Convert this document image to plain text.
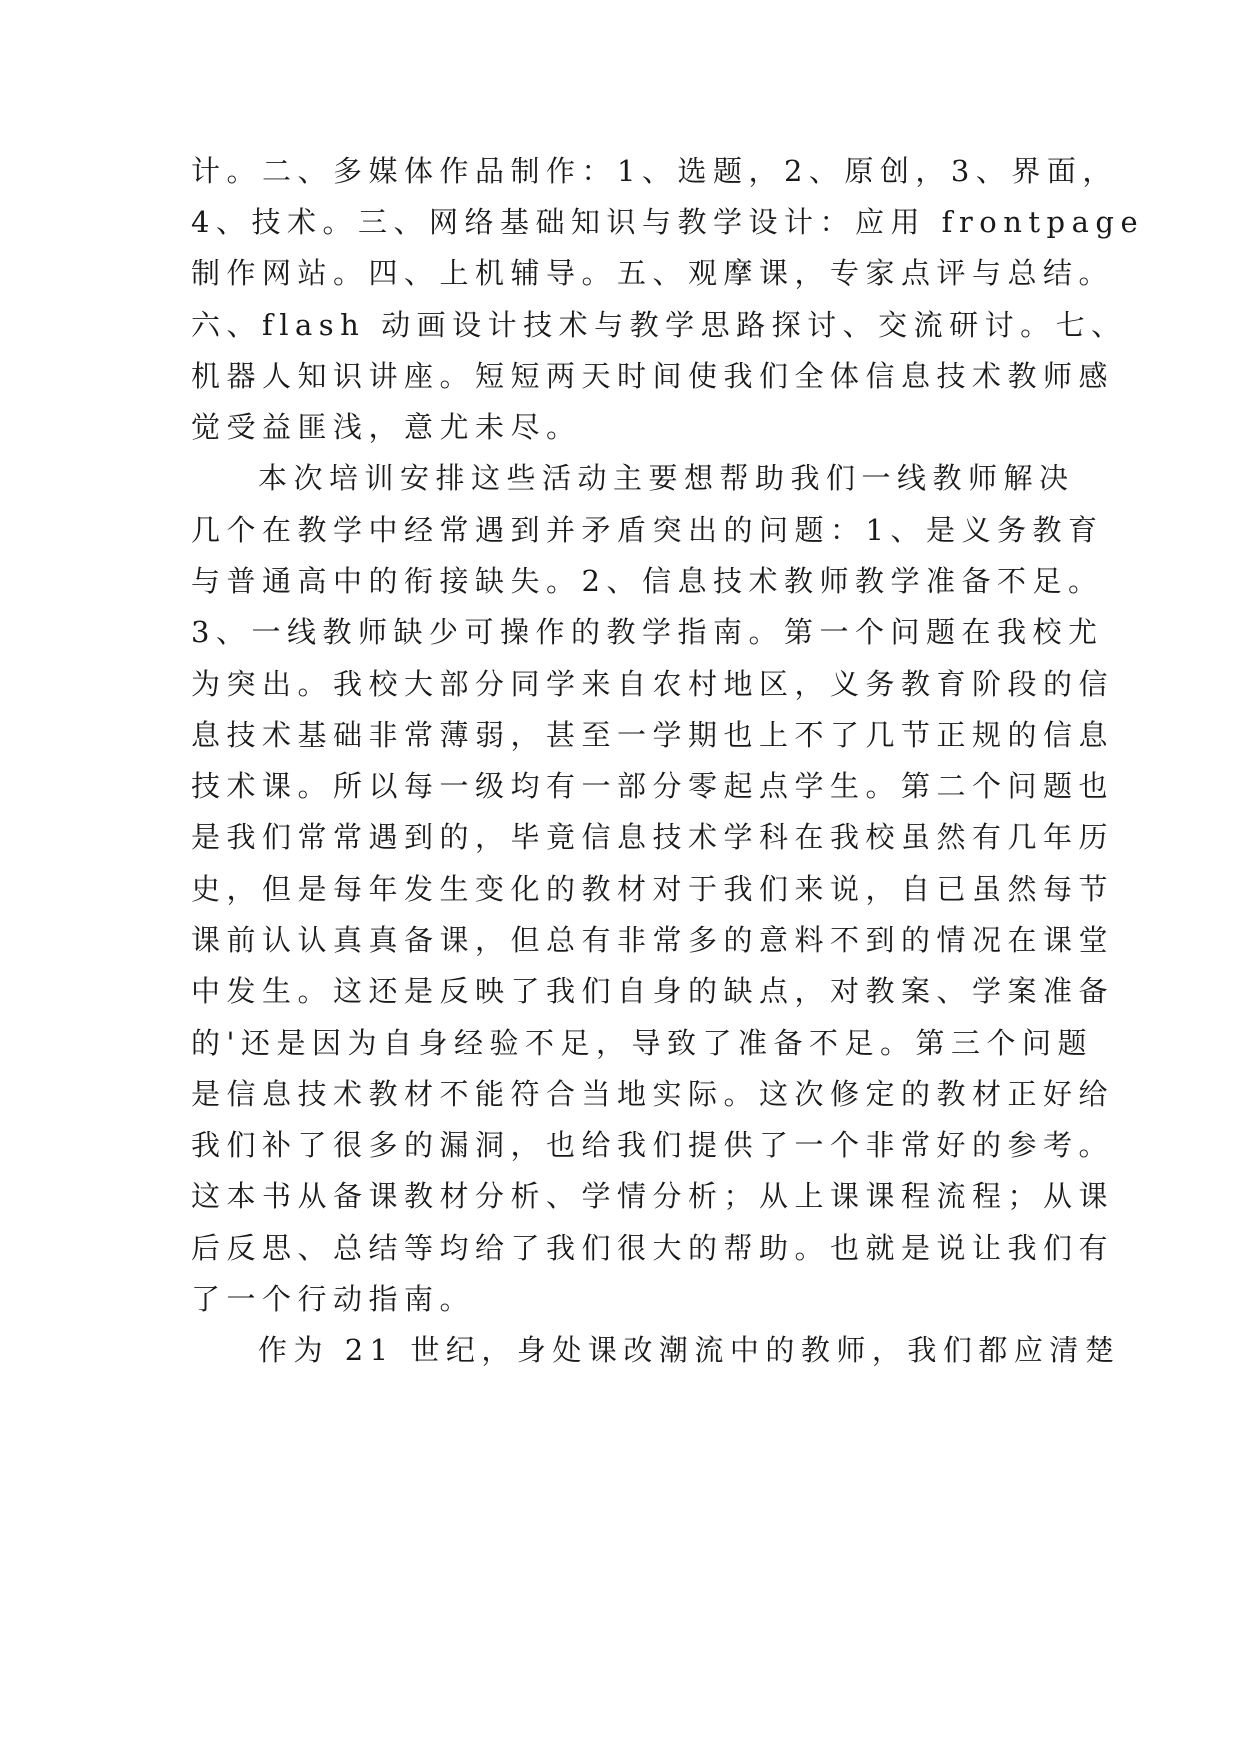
计。二、多媒体作品制作：1、选题，2、原创，3、界面，
4、技术。三、网络基础知识与教学设计：应用 frontpage
制作网站。四、上机辅导。五、观摩课，专家点评与总结。
六、flash 动画设计技术与教学思路探讨、交流研讨。七、
机器人知识讲座。短短两天时间使我们全体信息技术教师感
觉受益匪浅，意尤未尽。
本次培训安排这些活动主要想帮助我们一线教师解决
几个在教学中经常遇到并矛盾突出的问题：1、是义务教育
与普通高中的衔接缺失。2、信息技术教师教学准备不足。
3、一线教师缺少可操作的教学指南。第一个问题在我校尤
为突出。我校大部分同学来自农村地区，义务教育阶段的信
息技术基础非常薄弱，甚至一学期也上不了几节正规的信息
技术课。所以每一级均有一部分零起点学生。第二个问题也
是我们常常遇到的，毕竟信息技术学科在我校虽然有几年历
史，但是每年发生变化的教材对于我们来说，自已虽然每节
课前认认真真备课，但总有非常多的意料不到的情况在课堂
中发生。这还是反映了我们自身的缺点，对教案、学案准备
的'还是因为自身经验不足，导致了准备不足。第三个问题
是信息技术教材不能符合当地实际。这次修定的教材正好给
我们补了很多的漏洞，也给我们提供了一个非常好的参考。
这本书从备课教材分析、学情分析；从上课课程流程；从课
后反思、总结等均给了我们很大的帮助。也就是说让我们有
了一个行动指南。
作为 21 世纪，身处课改潮流中的教师，我们都应清楚
